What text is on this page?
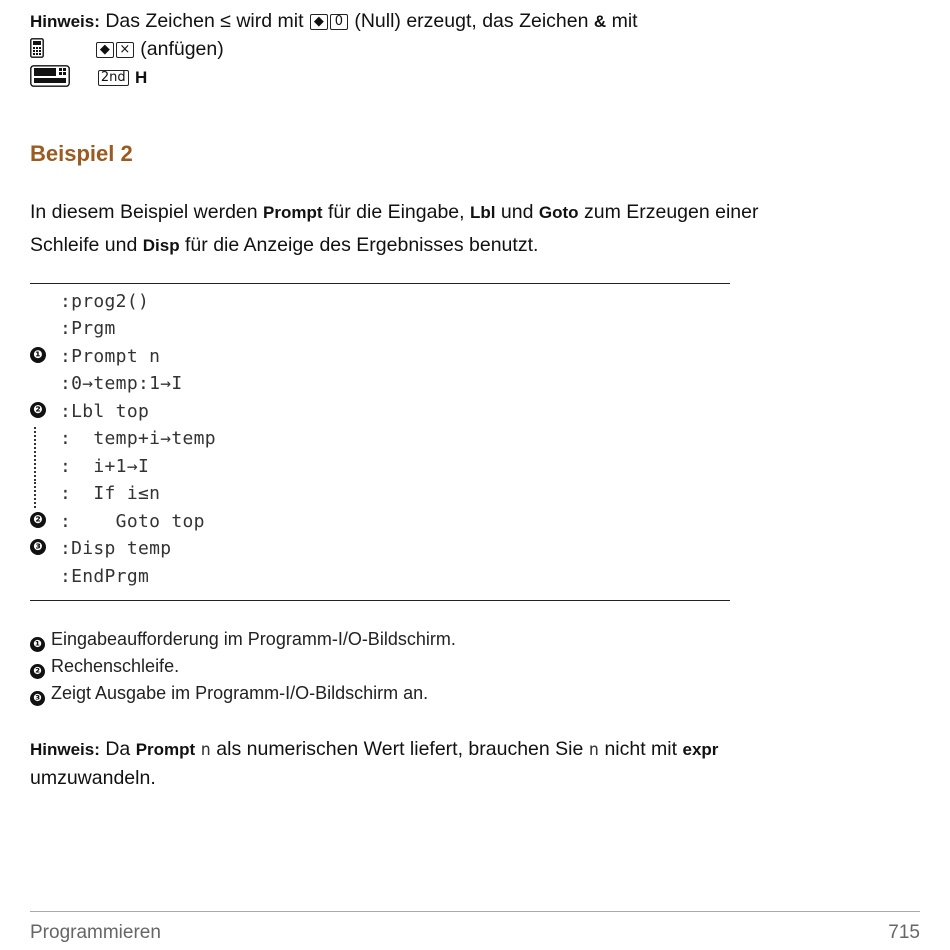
Hinweis: Das Zeichen ≤ wird mit ◆ 0 (Null) erzeugt, das Zeichen & mit
◆ × (anfügen)
2nd H
Beispiel 2
In diesem Beispiel werden Prompt für die Eingabe, Lbl und Goto zum Erzeugen einer
Schleife und Disp für die Anzeige des Ergebnisses benutzt.
:prog2()
:Prgm
:Prompt n
:0→temp:1→I
:Lbl top
:  temp+i→temp
:  i+1→I
:  If i≤n
:    Goto top
:Disp temp
:EndPrgm
❶
❷
❷
❸
❶ Eingabeaufforderung im Programm-I/O-Bildschirm.
❷ Rechenschleife.
❸ Zeigt Ausgabe im Programm-I/O-Bildschirm an.
Hinweis: Da Prompt n als numerischen Wert liefert, brauchen Sie n nicht mit expr
umzuwandeln.
Programmieren	715
